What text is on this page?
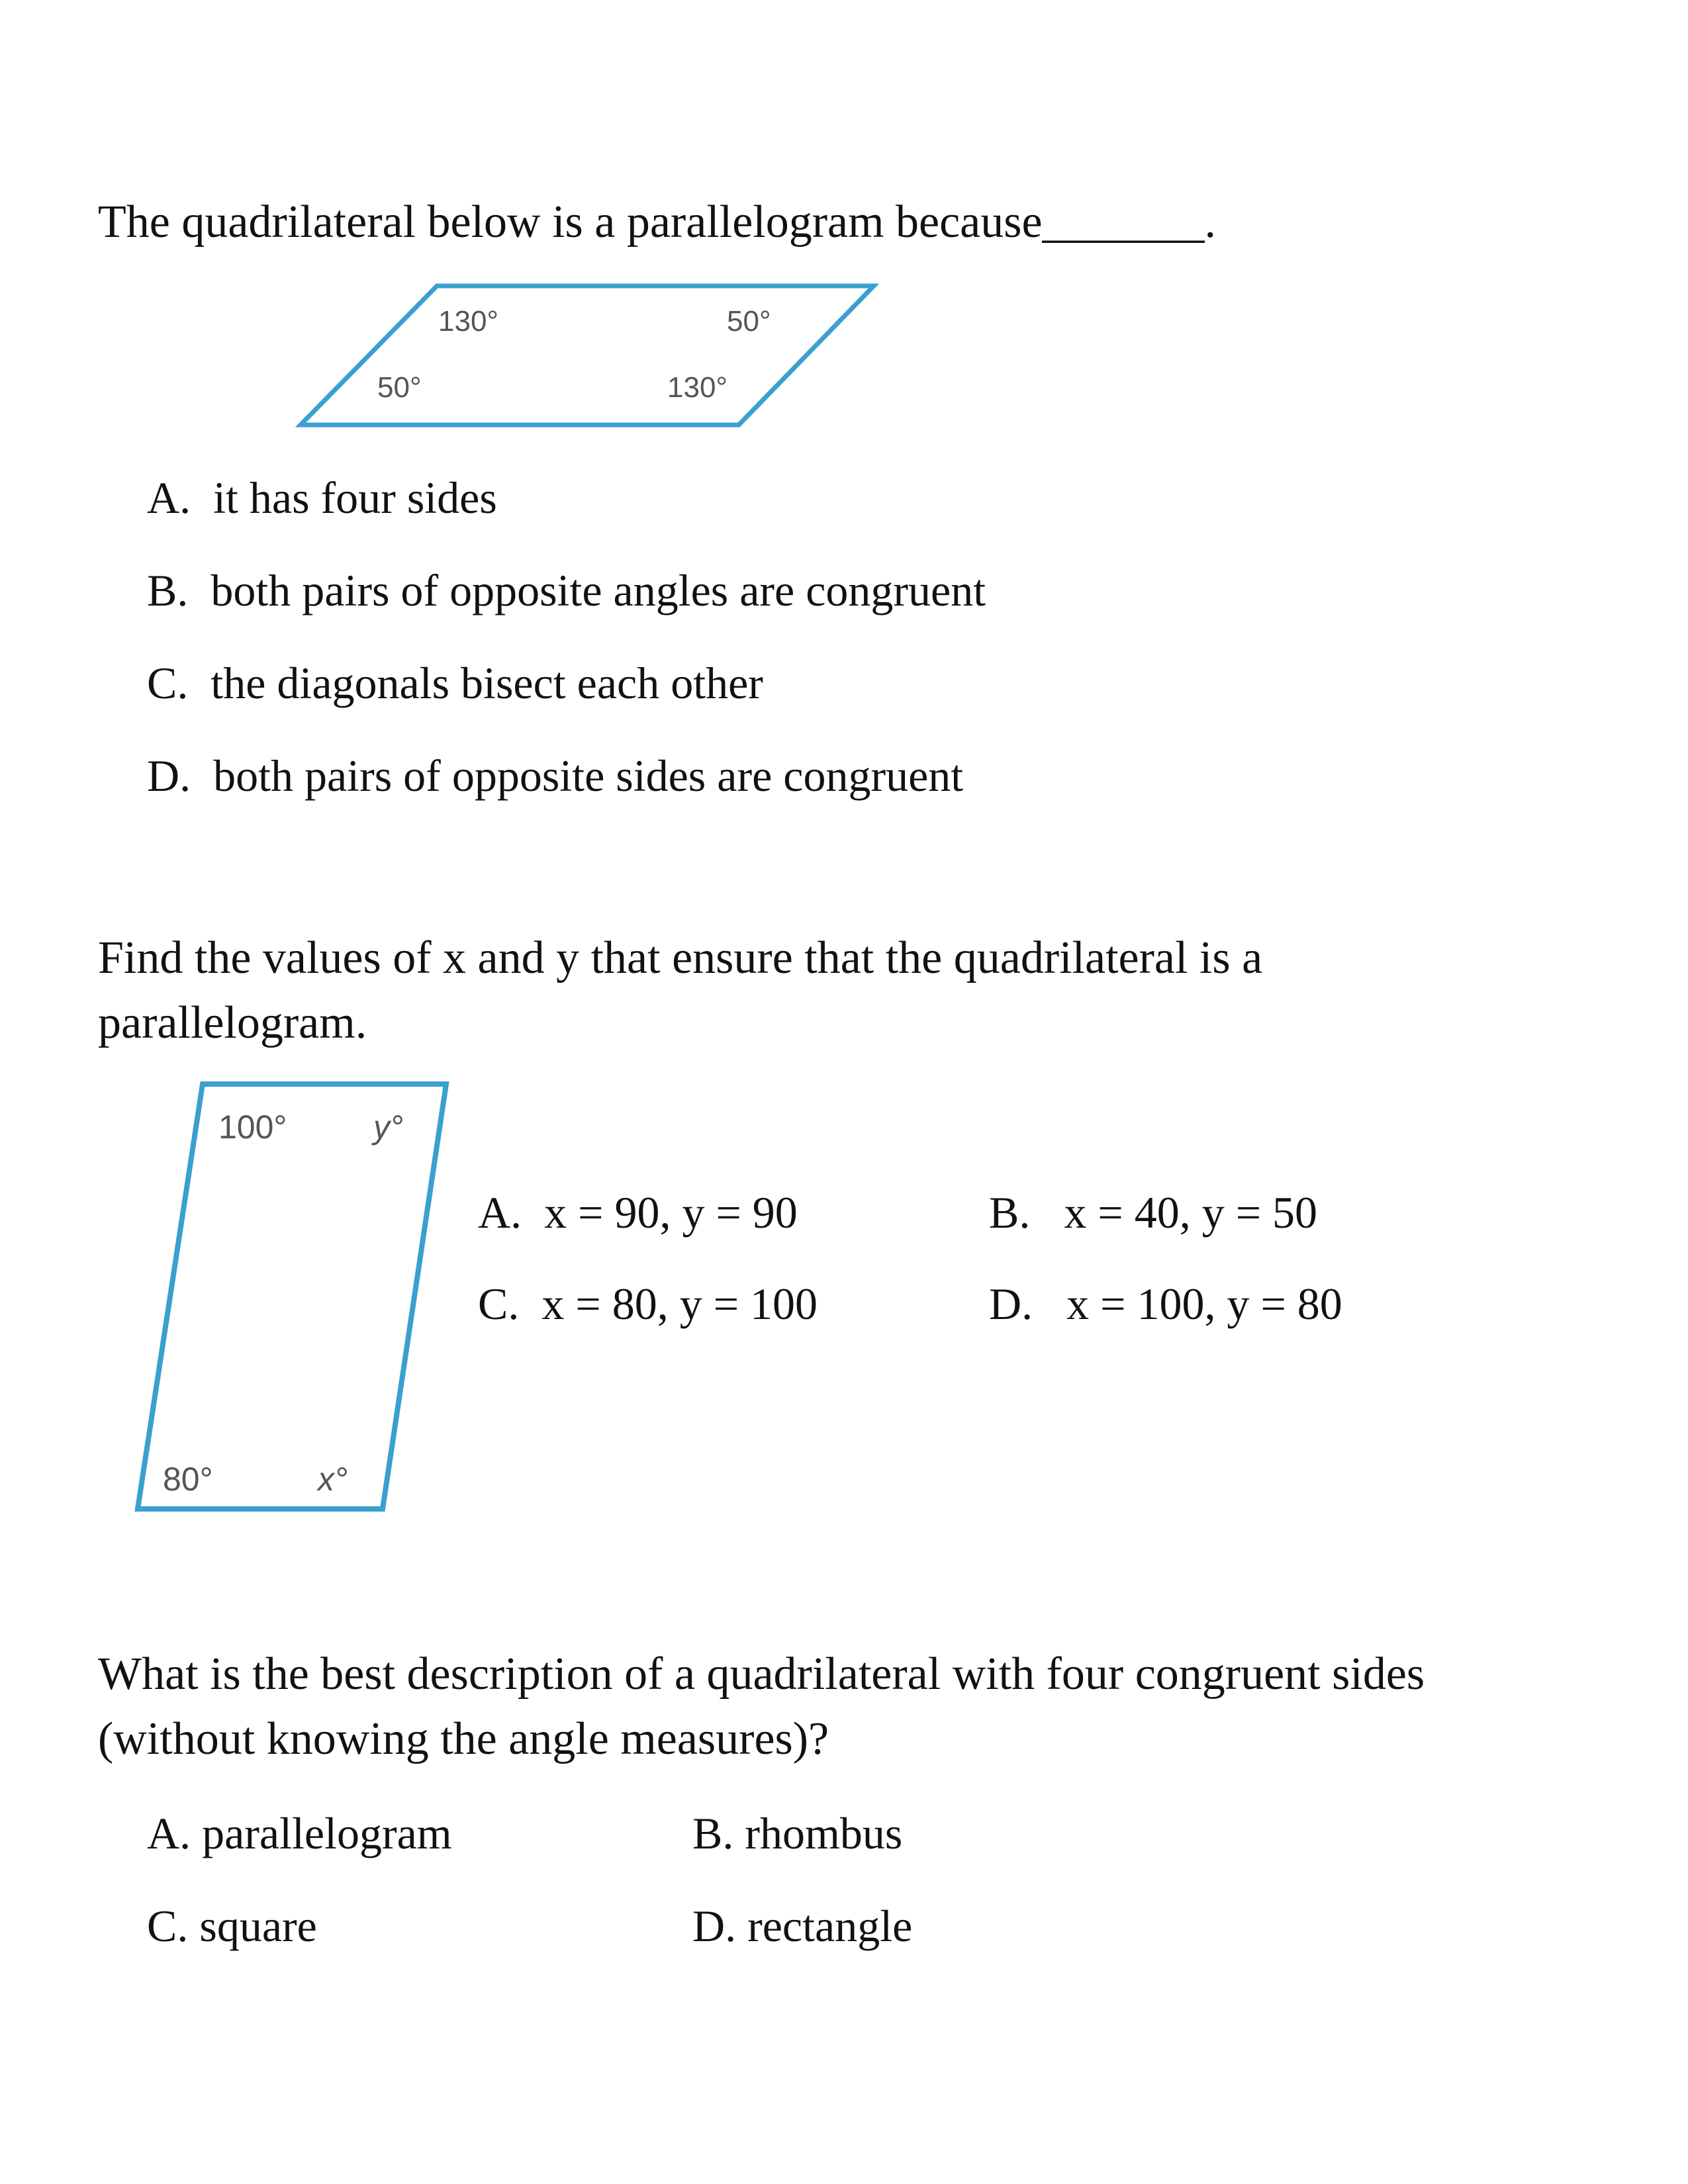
The quadrilateral below is a parallelogram because_______.
130°	50°
50°	130°
A. it has four sides
B. both pairs of opposite angles are congruent
C. the diagonals bisect each other
D. both pairs of opposite sides are congruent
Find the values of x and y that ensure that the quadrilateral is a
parallelogram.
100°	y°
80°	x°
A. x = 90, y = 90	B. x = 40, y = 50
C. x = 80, y = 100	D. x = 100, y = 80
What is the best description of a quadrilateral with four congruent sides
(without knowing the angle measures)?
A. parallelogram	B. rhombus
C. square	D. rectangle
